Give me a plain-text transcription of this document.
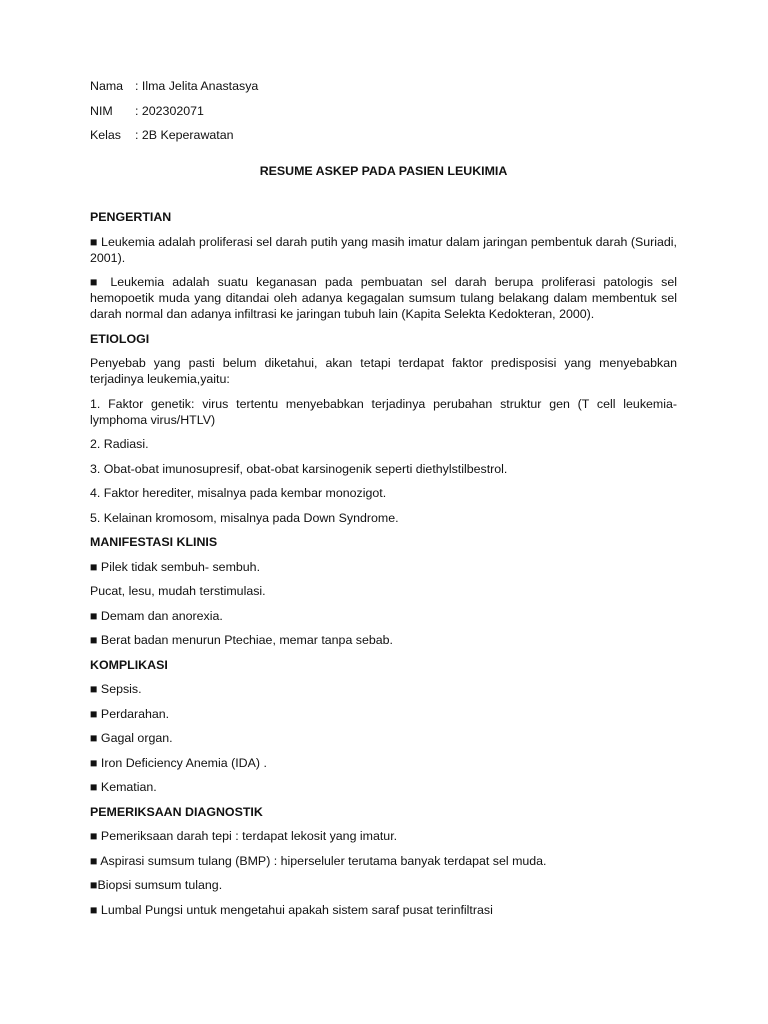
Nama : Ilma Jelita Anastasya
NIM	: 202302071
Kelas	: 2B Keperawatan
RESUME ASKEP PADA PASIEN LEUKIMIA
PENGERTIAN
■ Leukemia adalah proliferasi sel darah putih yang masih imatur dalam jaringan pembentuk darah (Suriadi, 2001).
■ Leukemia adalah suatu keganasan pada pembuatan sel darah berupa proliferasi patologis sel hemopoetik muda yang ditandai oleh adanya kegagalan sumsum tulang belakang dalam membentuk sel darah normal dan adanya infiltrasi ke jaringan tubuh lain (Kapita Selekta Kedokteran, 2000).
ETIOLOGI
Penyebab yang pasti belum diketahui, akan tetapi terdapat faktor predisposisi yang menyebabkan terjadinya leukemia,yaitu:
1. Faktor genetik: virus tertentu menyebabkan terjadinya perubahan struktur gen (T cell leukemia-lymphoma virus/HTLV)
2. Radiasi.
3. Obat-obat imunosupresif, obat-obat karsinogenik seperti diethylstilbestrol.
4. Faktor herediter, misalnya pada kembar monozigot.
5. Kelainan kromosom, misalnya pada Down Syndrome.
MANIFESTASI KLINIS
■ Pilek tidak sembuh- sembuh.
Pucat, lesu, mudah terstimulasi.
■ Demam dan anorexia.
■ Berat badan menurun Ptechiae, memar tanpa sebab.
KOMPLIKASI
■ Sepsis.
■ Perdarahan.
■ Gagal organ.
■ Iron Deficiency Anemia (IDA) .
■ Kematian.
PEMERIKSAAN DIAGNOSTIK
■ Pemeriksaan darah tepi : terdapat lekosit yang imatur.
■ Aspirasi sumsum tulang (BMP) : hiperseluler terutama banyak terdapat sel muda.
■Biopsi sumsum tulang.
■ Lumbal Pungsi untuk mengetahui apakah sistem saraf pusat terinfiltrasi
